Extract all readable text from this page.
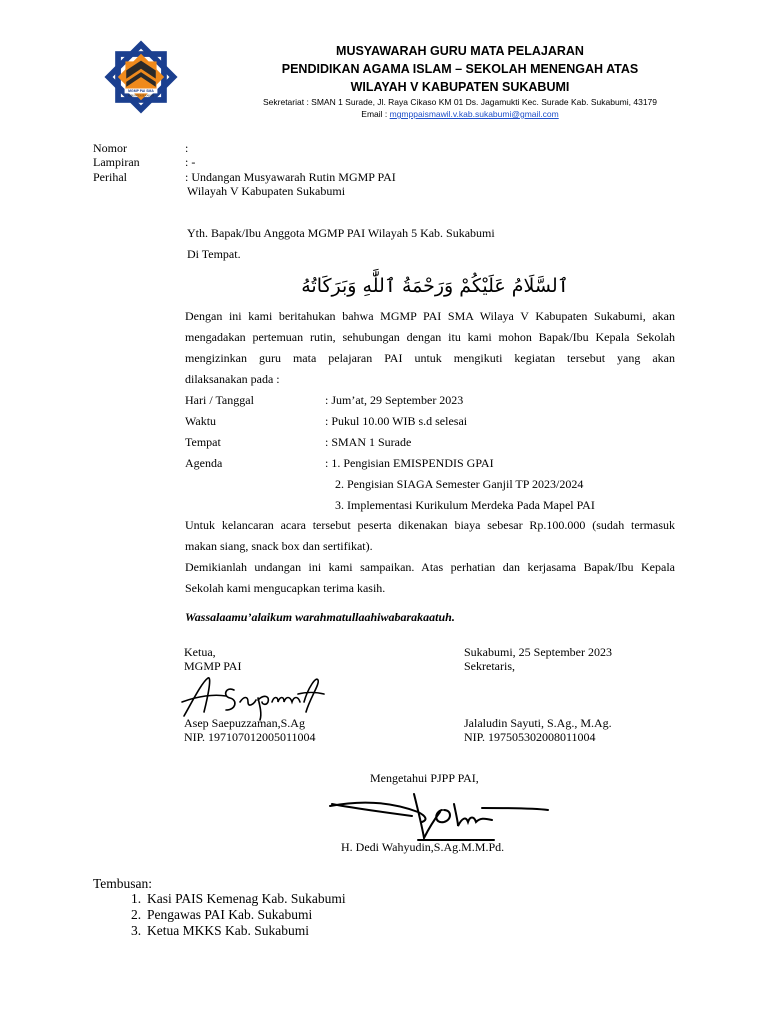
MGMP PAI SMA
KABUPATEN SUKABUMI
MUSYAWARAH GURU MATA PELAJARAN
PENDIDIKAN AGAMA ISLAM – SEKOLAH MENENGAH ATAS
WILAYAH V KABUPATEN SUKABUMI
Sekretariat : SMAN 1 Surade, Jl. Raya Cikaso KM 01 Ds. Jagamukti Kec. Surade Kab. Sukabumi, 43179
Email : mgmppaismawil.v.kab.sukabumi@gmail.com
Nomor	:
Lampiran	: -
Perihal	: Undangan Musyawarah Rutin MGMP PAI
Wilayah V Kabupaten Sukabumi
Yth. Bapak/Ibu Anggota MGMP PAI Wilayah 5 Kab. Sukabumi
Di Tempat.
ٱلسَّلَامُ عَلَيْكُمْ وَرَحْمَةُ ٱللَّٰهِ وَبَرَكَاتُهُ
Dengan ini kami beritahukan bahwa MGMP PAI SMA Wilaya V Kabupaten Sukabumi, akan mengadakan pertemuan rutin, sehubungan dengan itu kami mohon Bapak/Ibu Kepala Sekolah mengizinkan guru mata pelajaran PAI untuk mengikuti kegiatan tersebut yang akan
dilaksanakan pada :
Hari / Tanggal	: Jum’at, 29 September 2023
Waktu	: Pukul 10.00 WIB s.d selesai
Tempat	: SMAN 1 Surade
Agenda	: 1. Pengisian EMISPENDIS GPAI
2. Pengisian SIAGA Semester Ganjil TP 2023/2024
3. Implementasi Kurikulum Merdeka Pada Mapel PAI
Untuk kelancaran acara tersebut peserta dikenakan biaya sebesar Rp.100.000 (sudah termasuk
makan siang, snack box dan sertifikat).
Demikianlah undangan ini kami sampaikan. Atas perhatian dan kerjasama Bapak/Ibu Kepala
Sekolah kami mengucapkan terima kasih.
Wassalaamu’alaikum warahmatullaahiwabarakaatuh.
Ketua,
MGMP PAI
Sukabumi, 25 September 2023
Sekretaris,
Asep Saepuzzaman,S.Ag
NIP. 197107012005011004
Jalaludin Sayuti, S.Ag., M.Ag.
NIP. 197505302008011004
Mengetahui PJPP PAI,
H. Dedi Wahyudin,S.Ag.M.M.Pd.
Tembusan:
1. Kasi PAIS Kemenag Kab. Sukabumi
2. Pengawas PAI Kab. Sukabumi
3. Ketua MKKS Kab. Sukabumi
